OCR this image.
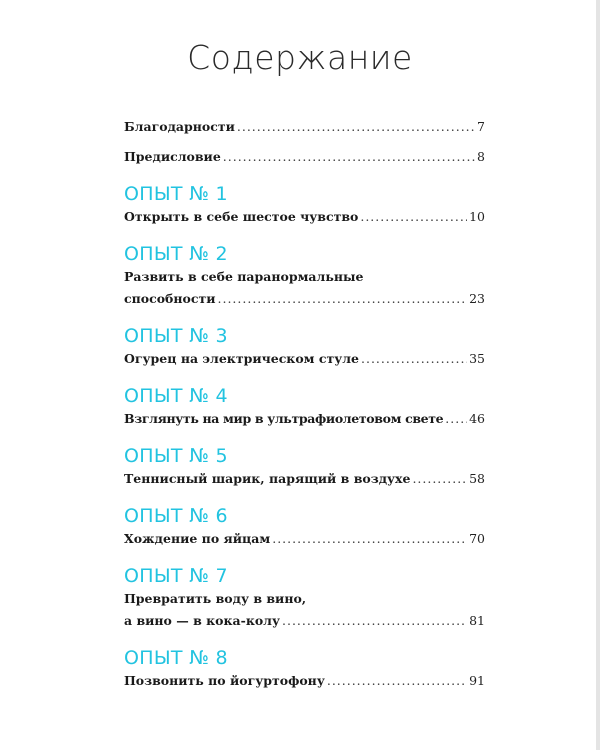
Содержание
Благодарности .....	7
Предисловие .....	8
ОПЫТ № 1
Открыть в себе шестое чувство .....	10
ОПЫТ № 2
Развить в себе паранормальные
способности .....	23
ОПЫТ № 3
Огурец на электрическом стуле .....	35
ОПЫТ № 4
Взглянуть на мир в ультрафиолетовом свете ..... 46
ОПЫТ № 5
Теннисный шарик, парящий в воздухе .....	58
ОПЫТ № 6
Хождение по яйцам .....	70
ОПЫТ № 7
Превратить воду в вино,
а вино — в кока-колу .....	81
ОПЫТ № 8
Позвонить по йогуртофону .....	91
